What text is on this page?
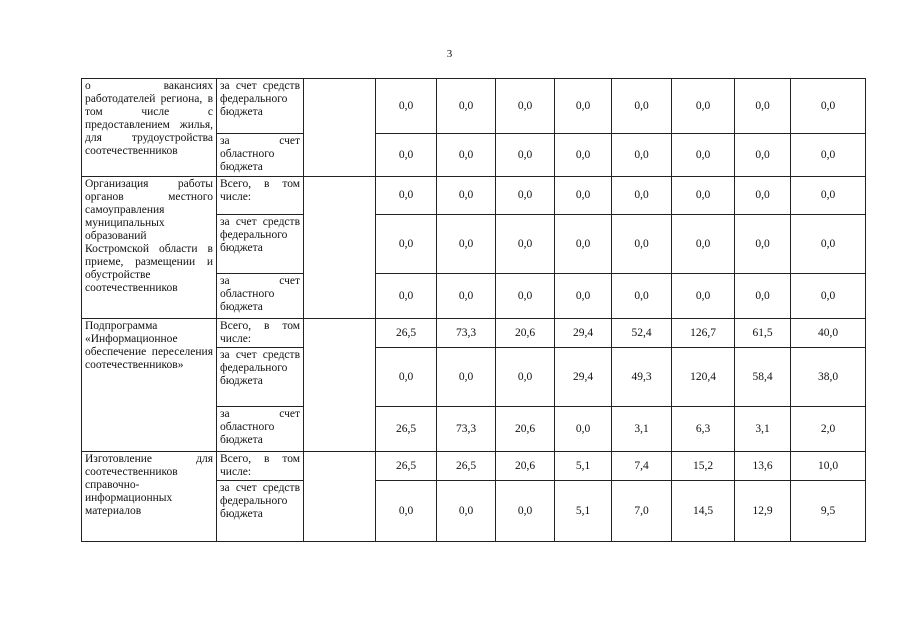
3
о вакансиях работодателей региона, в том числе с предоставлением жилья, для трудоустройства соотечественников	за счет средств федерального бюджета		0,0	0,0	0,0	0,0	0,0	0,0	0,0	0,0
	за счет областного бюджета		0,0	0,0	0,0	0,0	0,0	0,0	0,0	0,0
Организация работы органов местного самоуправления муниципальных образований Костромской области в приеме, размещении и обустройстве соотечественников	Всего, в том числе:		0,0	0,0	0,0	0,0	0,0	0,0	0,0	0,0
	за счет средств федерального бюджета		0,0	0,0	0,0	0,0	0,0	0,0	0,0	0,0
	за счет областного бюджета		0,0	0,0	0,0	0,0	0,0	0,0	0,0	0,0
Подпрограмма «Информационное обеспечение переселения соотечественников»	Всего, в том числе:		26,5	73,3	20,6	29,4	52,4	126,7	61,5	40,0
	за счет средств федерального бюджета		0,0	0,0	0,0	29,4	49,3	120,4	58,4	38,0
	за счет областного бюджета		26,5	73,3	20,6	0,0	3,1	6,3	3,1	2,0
Изготовление для соотечественников справочно-информационных материалов	Всего, в том числе:		26,5	26,5	20,6	5,1	7,4	15,2	13,6	10,0
	за счет средств федерального бюджета		0,0	0,0	0,0	5,1	7,0	14,5	12,9	9,5
